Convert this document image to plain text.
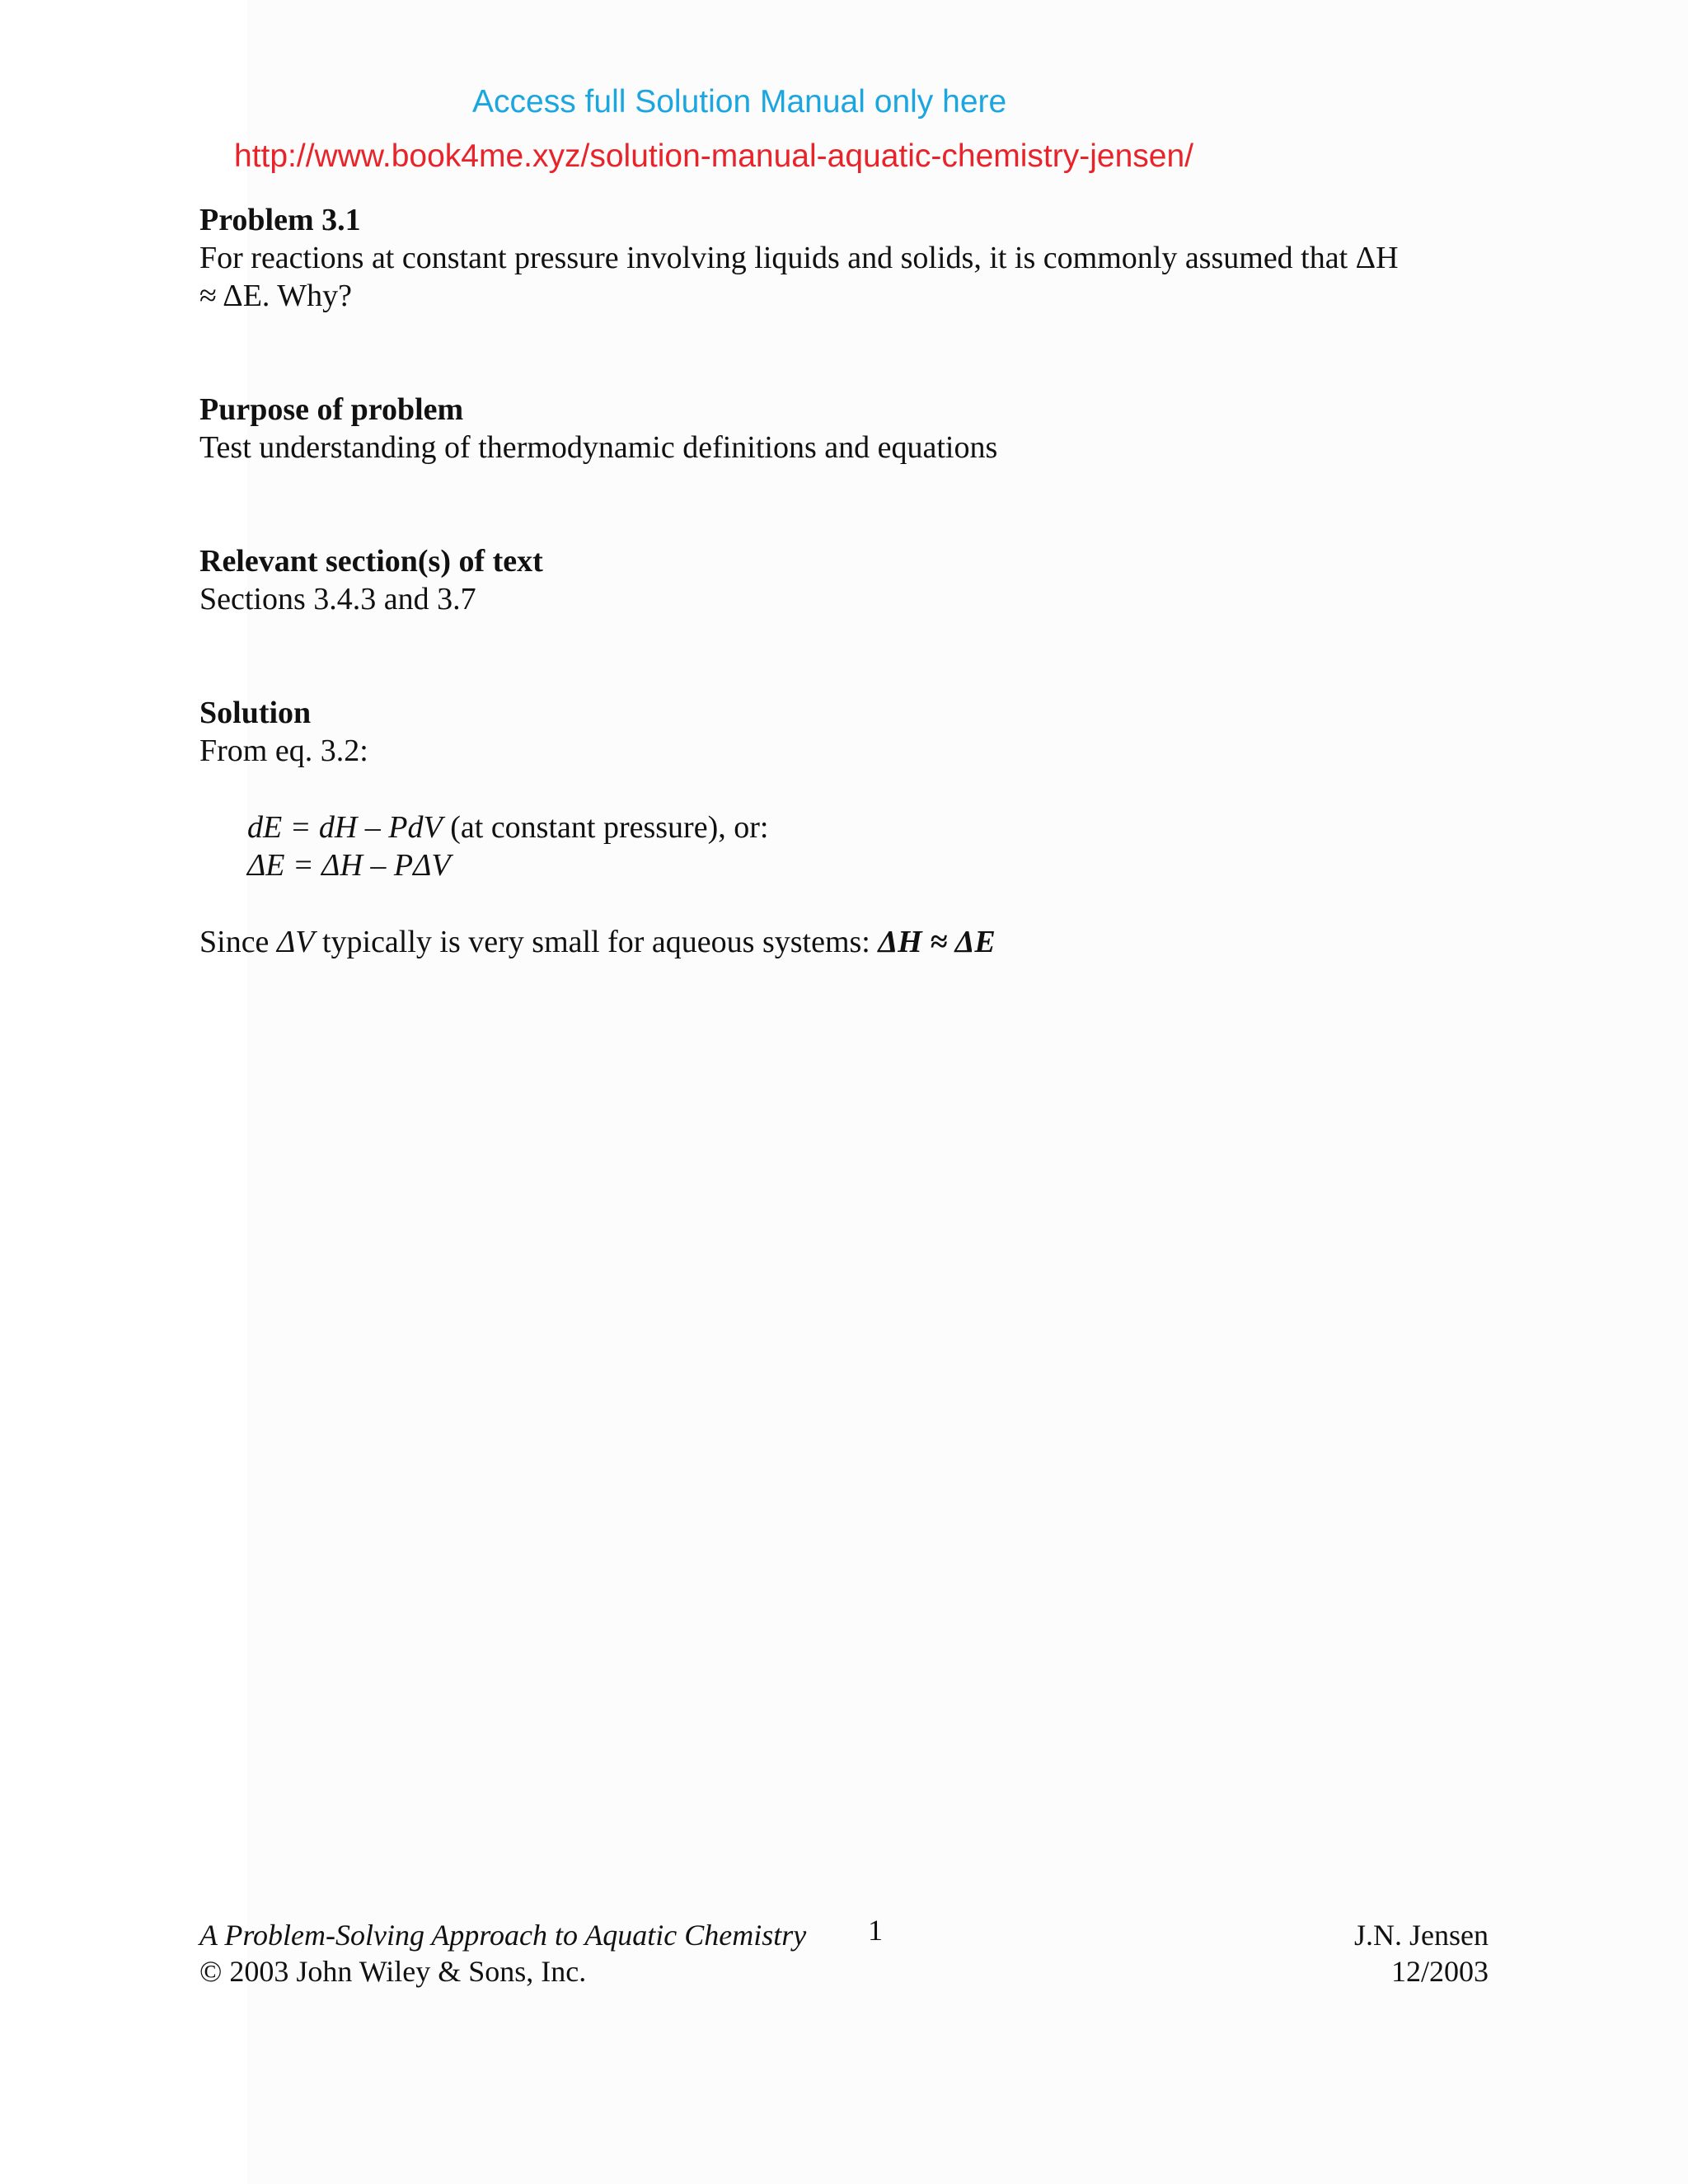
Access full Solution Manual only here
http://www.book4me.xyz/solution-manual-aquatic-chemistry-jensen/
Problem 3.1
For reactions at constant pressure involving liquids and solids, it is commonly assumed that ΔH
≈ ΔE. Why?
Purpose of problem
Test understanding of thermodynamic definitions and equations
Relevant section(s) of text
Sections 3.4.3 and 3.7
Solution
From eq. 3.2:
dE = dH – PdV (at constant pressure), or:
ΔE = ΔH – PΔV
Since ΔV typically is very small for aqueous systems: ΔH ≈ ΔE
A Problem-Solving Approach to Aquatic Chemistry
© 2003 John Wiley & Sons, Inc.
1	J.N. Jensen
12/2003
